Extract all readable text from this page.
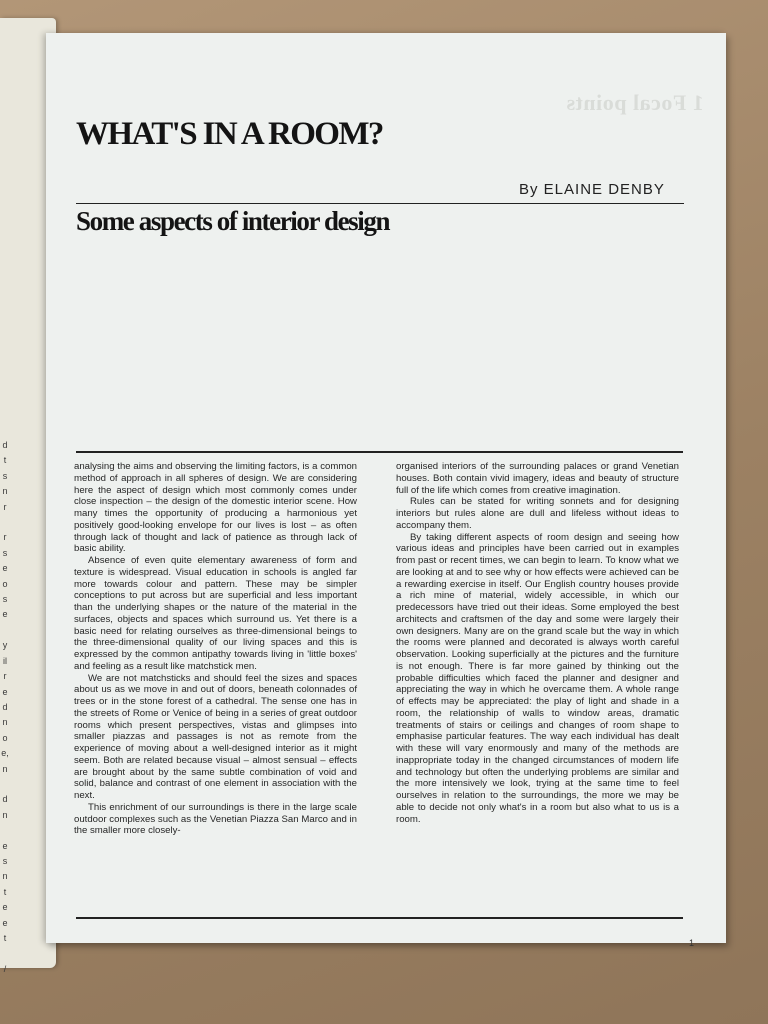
d
t
s
n
r

r
s
e
o
s
e

y
il
r
e
d
n
o
e,
n

d
n

e
s
n
t
e
e
t

/
1 Focal points
WHAT'S IN A ROOM?
By ELAINE DENBY
Some aspects of interior design

analysing the aims and observing the limiting factors, is a common method of approach in all spheres of design. We are considering here the aspect of design which most commonly comes under close inspection – the design of the domestic interior scene. How many times the opportunity of producing a harmonious yet positively good-looking envelope for our lives is lost – as often through lack of thought and lack of patience as through lack of basic ability.

Absence of even quite elementary awareness of form and texture is widespread. Visual education in schools is angled far more towards colour and pattern. These may be simpler conceptions to put across but are superficial and less important than the underlying shapes or the nature of the material in the surfaces, objects and spaces which surround us. Yet there is a basic need for relating ourselves as three-dimensional beings to the three-dimensional quality of our living spaces and this is expressed by the common antipathy towards living in 'little boxes' and feeling as a result like matchstick men.

We are not matchsticks and should feel the sizes and spaces about us as we move in and out of doors, beneath colonnades of trees or in the stone forest of a cathedral. The sense one has in the streets of Rome or Venice of being in a series of great outdoor rooms which present perspectives, vistas and glimpses into smaller piazzas and passages is not as remote from the experience of moving about a well-designed interior as it might seem. Both are related because visual – almost sensual – effects are brought about by the same subtle combination of void and solid, balance and contrast of one element in association with the next.

This enrichment of our surroundings is there in the large scale outdoor complexes such as the Venetian Piazza San Marco and in the smaller more closely-

organised interiors of the surrounding palaces or grand Venetian houses. Both contain vivid imagery, ideas and beauty of structure full of the life which comes from creative imagination.

Rules can be stated for writing sonnets and for designing interiors but rules alone are dull and lifeless without ideas to accompany them.

By taking different aspects of room design and seeing how various ideas and principles have been carried out in examples from past or recent times, we can begin to learn. To know what we are looking at and to see why or how effects were achieved can be a rewarding exercise in itself. Our English country houses provide a rich mine of material, widely accessible, in which our predecessors have tried out their ideas. Some employed the best architects and craftsmen of the day and some were largely their own designers. Many are on the grand scale but the way in which the rooms were planned and decorated is always worth careful observation. Looking superficially at the pictures and the furniture is not enough. There is far more gained by thinking out the probable difficulties which faced the planner and designer and appreciating the way in which he overcame them. A whole range of effects may be appreciated: the play of light and shade in a room, the relationship of walls to window areas, dramatic treatments of stairs or ceilings and changes of room shape to emphasise particular features. The way each individual has dealt with these will vary enormously and many of the methods are inappropriate today in the changed circumstances of modern life and technology but often the underlying problems are similar and the more intensively we look, trying at the same time to feel ourselves in relation to the surroundings, the more we may be able to decide not only what's in a room but also what to us is a room.

1
